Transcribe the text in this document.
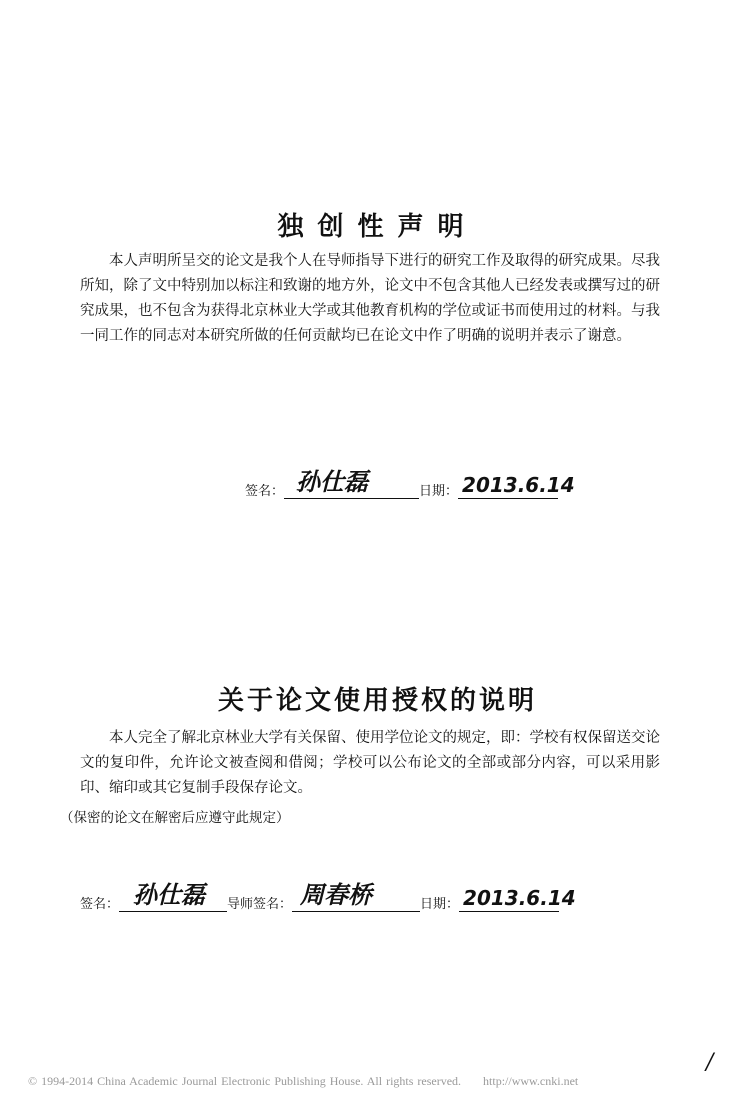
独创性声明
本人声明所呈交的论文是我个人在导师指导下进行的研究工作及取得的研究成果。尽我所知，除了文中特别加以标注和致谢的地方外，论文中不包含其他人已经发表或撰写过的研究成果，也不包含为获得北京林业大学或其他教育机构的学位或证书而使用过的材料。与我一同工作的同志对本研究所做的任何贡献均已在论文中作了明确的说明并表示了谢意。
签名： 孙仕磊	日期： 2013.6.14
关于论文使用授权的说明
本人完全了解北京林业大学有关保留、使用学位论文的规定，即：学校有权保留送交论文的复印件，允许论文被查阅和借阅；学校可以公布论文的全部或部分内容，可以采用影印、缩印或其它复制手段保存论文。
（保密的论文在解密后应遵守此规定）
签名： 孙仕磊 导师签名： 周春桥	日期： 2013.6.14
© 1994-2014 China Academic Journal Electronic Publishing House. All rights reserved. http://www.cnki.net
/
